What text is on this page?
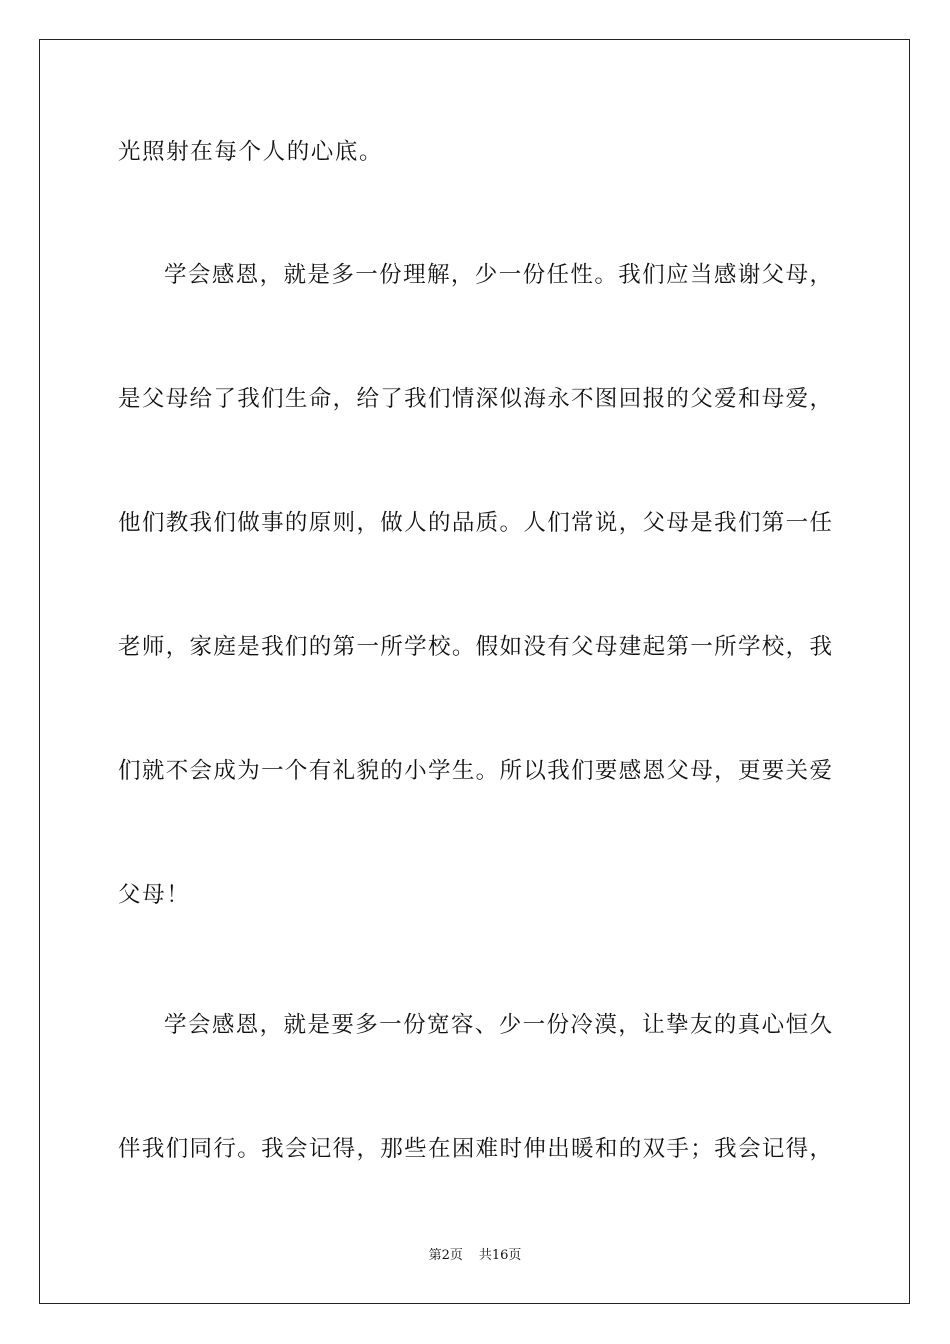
光照射在每个人的心底。
学会感恩，就是多一份理解，少一份任性。我们应当感谢父母，
是父母给了我们生命，给了我们情深似海永不图回报的父爱和母爱，
他们教我们做事的原则，做人的品质。人们常说，父母是我们第一任
老师，家庭是我们的第一所学校。假如没有父母建起第一所学校，我
们就不会成为一个有礼貌的小学生。所以我们要感恩父母，更要关爱
父母！
学会感恩，就是要多一份宽容、少一份冷漠，让挚友的真心恒久
伴我们同行。我会记得，那些在困难时伸出暖和的双手；我会记得，
第2页 共16页
